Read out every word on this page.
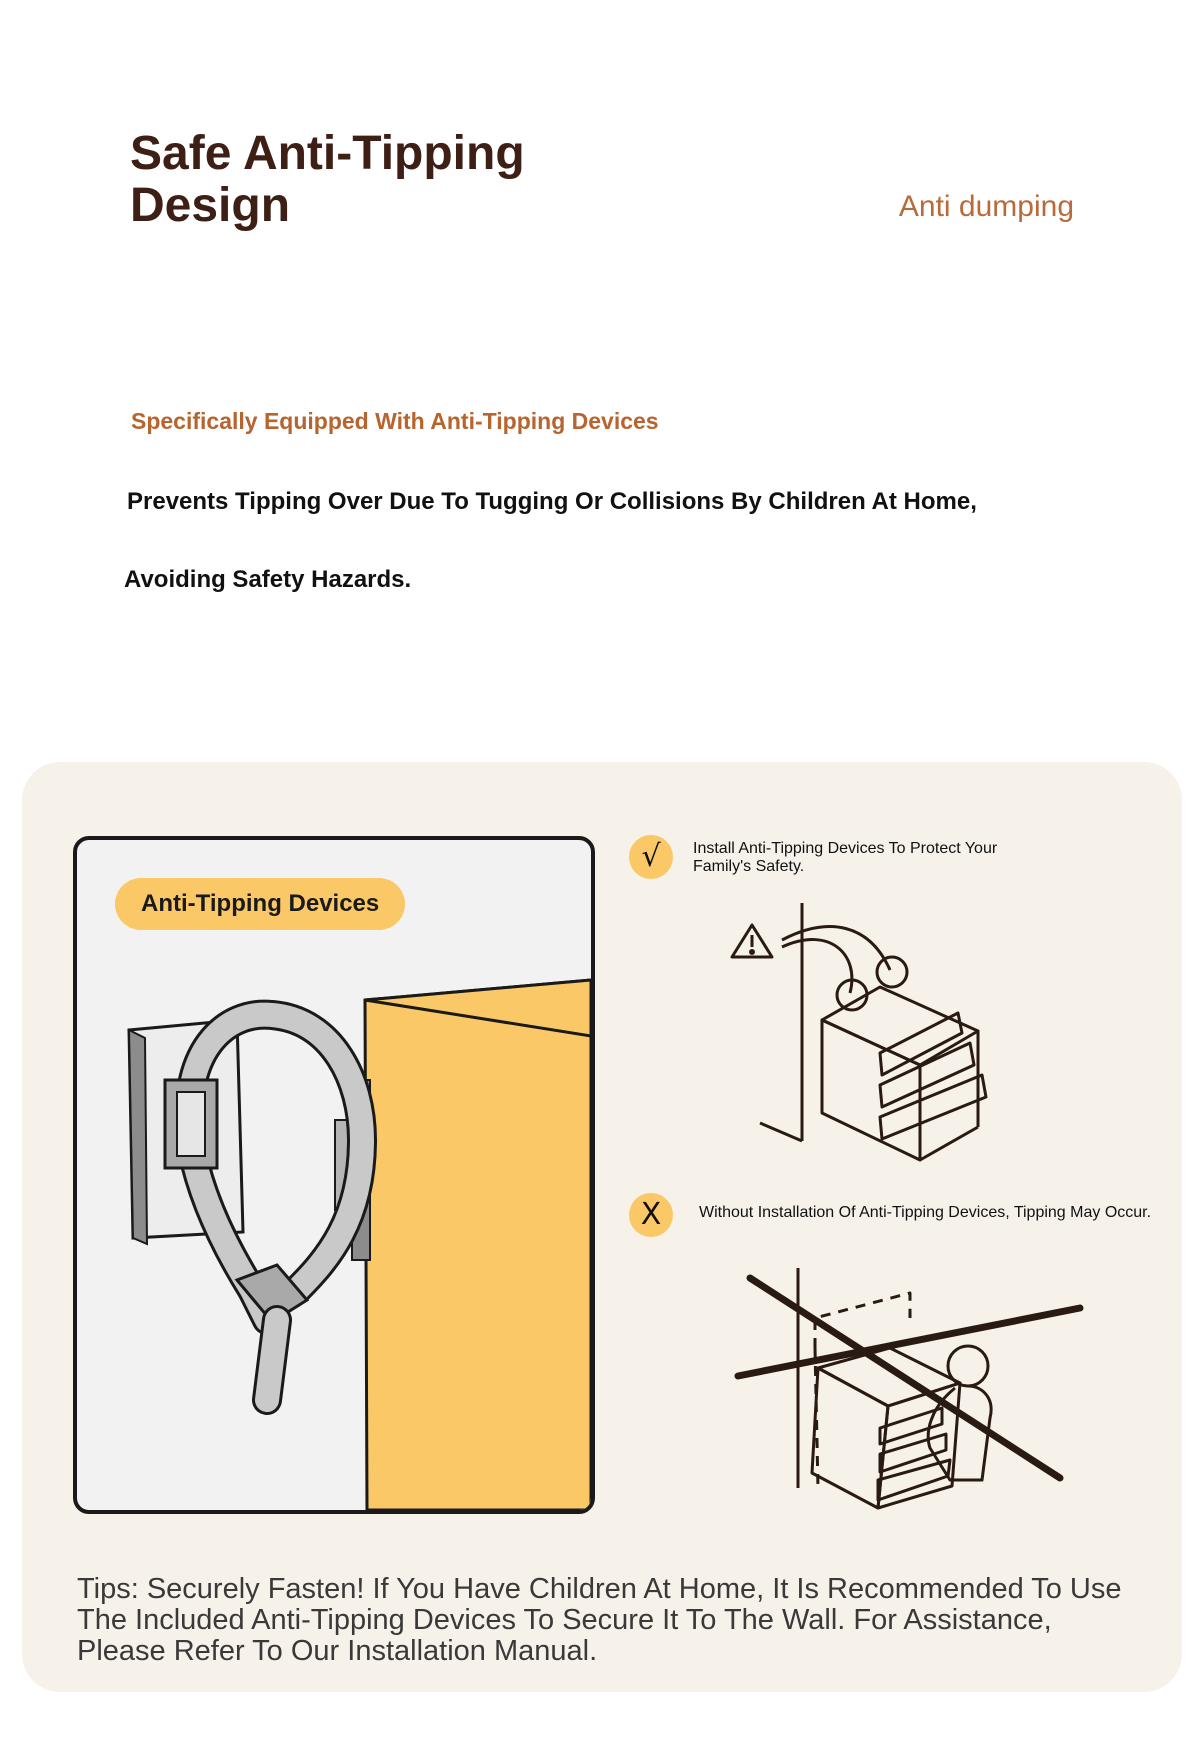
Safe Anti-Tipping Design	Anti dumping
Specifically Equipped With Anti-Tipping Devices
Prevents Tipping Over Due To Tugging Or Collisions By Children At Home,
Avoiding Safety Hazards.
Anti-Tipping Devices
√	Install Anti-Tipping Devices To Protect Your Family's Safety.
X	Without Installation Of Anti-Tipping Devices, Tipping May Occur.
Tips: Securely Fasten! If You Have Children At Home, It Is Recommended To Use The Included Anti-Tipping Devices To Secure It To The Wall. For Assistance, Please Refer To Our Installation Manual.
